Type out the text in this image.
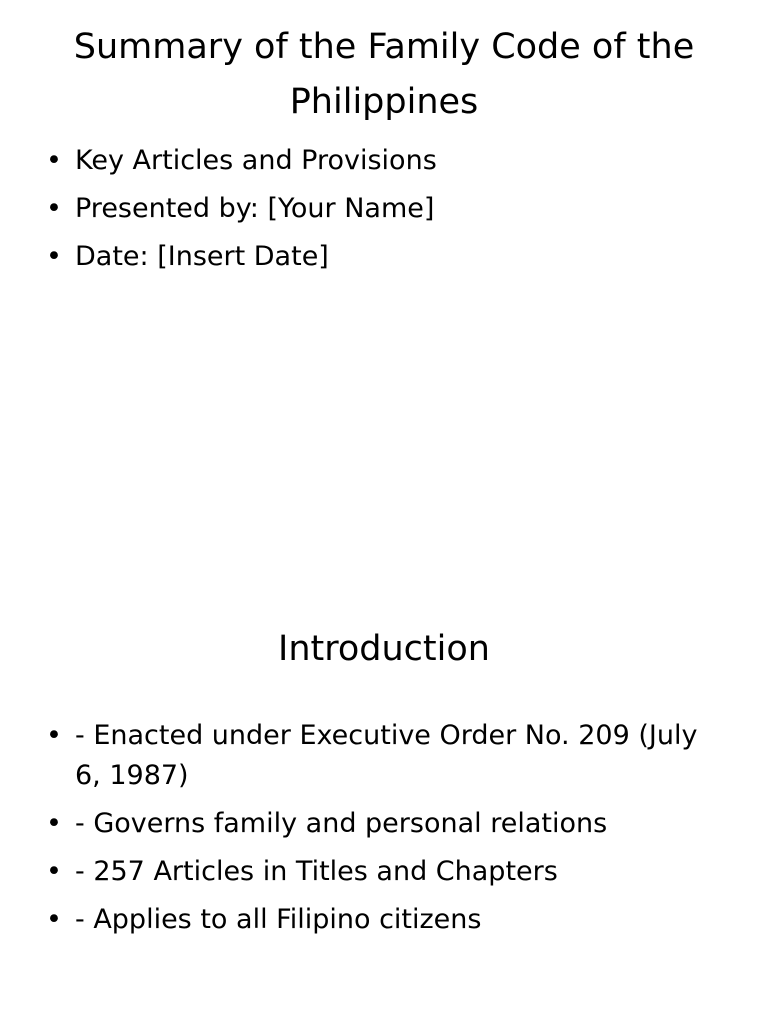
Summary of the Family Code of the Philippines
• Key Articles and Provisions
• Presented by: [Your Name]
• Date: [Insert Date]
Introduction
• - Enacted under Executive Order No. 209 (July 6, 1987)
• - Governs family and personal relations
• - 257 Articles in Titles and Chapters
• - Applies to all Filipino citizens
